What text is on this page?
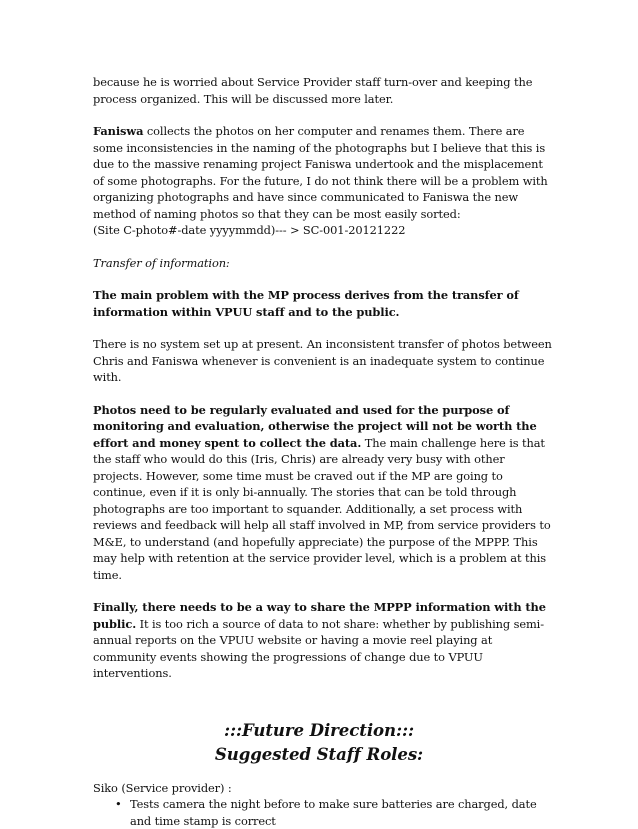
because he is worried about Service Provider staff turn-over and keeping the process organized. This will be discussed more later.

Faniswa collects the photos on her computer and renames them. There are some inconsistencies in the naming of the photographs but I believe that this is due to the massive renaming project Faniswa undertook and the misplacement of some photographs. For the future, I do not think there will be a problem with organizing photographs and have since communicated to Faniswa the new method of naming photos so that they can be most easily sorted:
(Site C-photo#-date yyyymmdd)--- > SC-001-20121222

Transfer of information:

The main problem with the MP process derives from the transfer of information within VPUU staff and to the public.

There is no system set up at present. An inconsistent transfer of photos between Chris and Faniswa whenever is convenient is an inadequate system to continue with.

Photos need to be regularly evaluated and used for the purpose of monitoring and evaluation, otherwise the project will not be worth the effort and money spent to collect the data. The main challenge here is that the staff who would do this (Iris, Chris) are already very busy with other projects. However, some time must be craved out if the MP are going to continue, even if it is only bi-annually. The stories that can be told through photographs are too important to squander. Additionally, a set process with reviews and feedback will help all staff involved in MP, from service providers to M&E, to understand (and hopefully appreciate) the purpose of the MPPP. This may help with retention at the service provider level, which is a problem at this time.

Finally, there needs to be a way to share the MPPP information with the public. It is too rich a source of data to not share: whether by publishing semi-annual reports on the VPUU website or having a movie reel playing at community events showing the progressions of change due to VPUU interventions.

:::Future Direction:::
Suggested Staff Roles:

Siko (Service provider) :

• Tests camera the night before to make sure batteries are charged, date and time stamp is correct
